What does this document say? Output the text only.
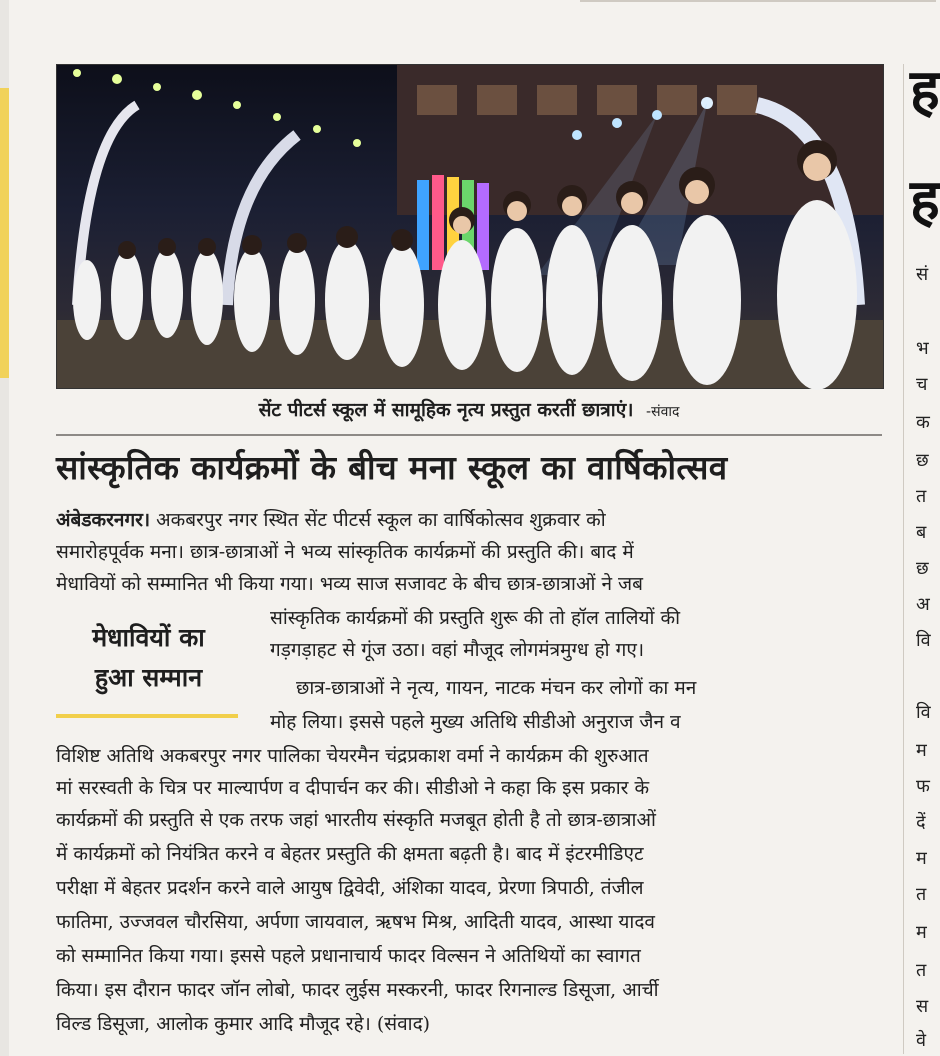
सेंट पीटर्स स्कूल में सामूहिक नृत्य प्रस्तुत करतीं छात्राएं। -संवाद
सांस्कृतिक कार्यक्रमों के बीच मना स्कूल का वार्षिकोत्सव
अंबेडकरनगर। अकबरपुर नगर स्थित सेंट पीटर्स स्कूल का वार्षिकोत्सव शुक्रवार को
समारोहपूर्वक मना। छात्र-छात्राओं ने भव्य सांस्कृतिक कार्यक्रमों की प्रस्तुति की। बाद में
मेधावियों को सम्मानित भी किया गया। भव्य साज सजावट के बीच छात्र-छात्राओं ने जब
सांस्कृतिक कार्यक्रमों की प्रस्तुति शुरू की तो हॉल तालियों की
गड़गड़ाहट से गूंज उठा। वहां मौजूद लोगमंत्रमुग्ध हो गए।
छात्र-छात्राओं ने नृत्य, गायन, नाटक मंचन कर लोगों का मन
मोह लिया। इससे पहले मुख्य अतिथि सीडीओ अनुराज जैन व
विशिष्ट अतिथि अकबरपुर नगर पालिका चेयरमैन चंद्रप्रकाश वर्मा ने कार्यक्रम की शुरुआत
मां सरस्वती के चित्र पर माल्यार्पण व दीपार्चन कर की। सीडीओ ने कहा कि इस प्रकार के
कार्यक्रमों की प्रस्तुति से एक तरफ जहां भारतीय संस्कृति मजबूत होती है तो छात्र-छात्राओं
में कार्यक्रमों को नियंत्रित करने व बेहतर प्रस्तुति की क्षमता बढ़ती है। बाद में इंटरमीडिएट
परीक्षा में बेहतर प्रदर्शन करने वाले आयुष द्विवेदी, अंशिका यादव, प्रेरणा त्रिपाठी, तंजील
फातिमा, उज्जवल चौरसिया, अर्पणा जायवाल, ऋषभ मिश्र, आदिती यादव, आस्था यादव
को सम्मानित किया गया। इससे पहले प्रधानाचार्य फादर विल्सन ने अतिथियों का स्वागत
किया। इस दौरान फादर जॉन लोबो, फादर लुईस मस्करनी, फादर रिगनाल्ड डिसूजा, आर्ची
विल्ड डिसूजा, आलोक कुमार आदि मौजूद रहे। (संवाद)
मेधावियों का
हुआ सम्मान
ह
ह
सं
भ
च
क
छ
त
ब
छ
अ
वि
वि
म
फ
दें
म
त
म
त
स
वे
